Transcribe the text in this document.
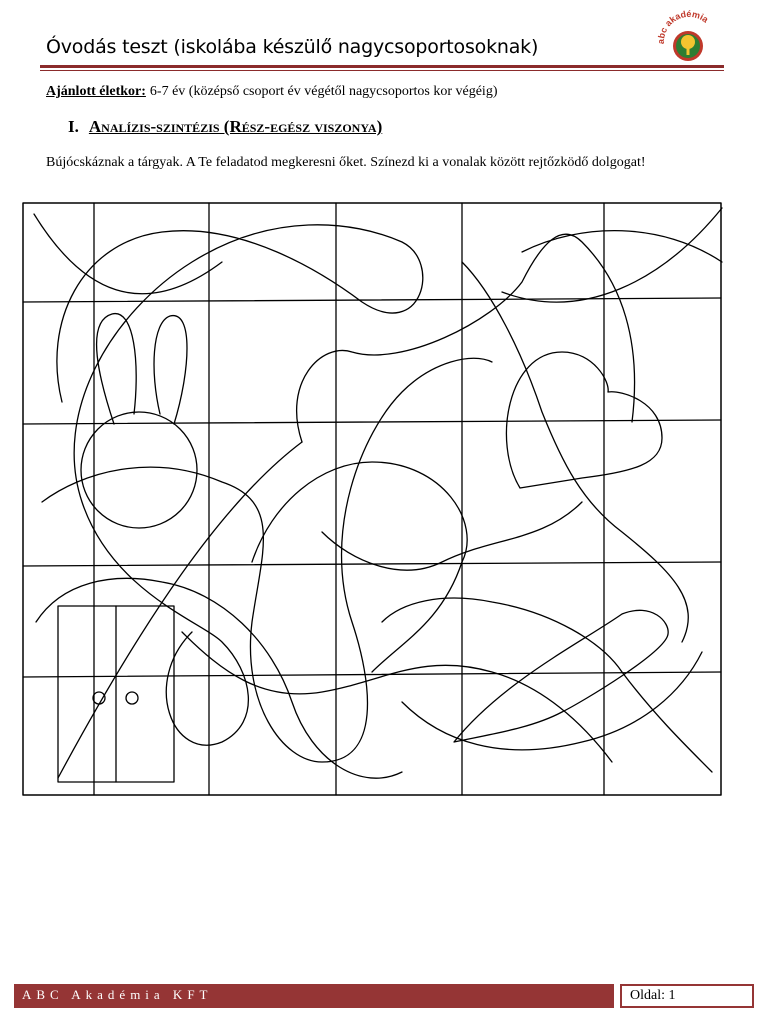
Óvodás teszt (iskolába készülő nagycsoportosoknak)	abc akadémia
Ajánlott életkor: 6-7 év (középső csoport év végétől nagycsoportos kor végéig)
I. Analízis-szintézis (Rész-egész viszonya)
Bújócskáznak a tárgyak. A Te feladatod megkeresni őket. Színezd ki a vonalak között rejtőzködő dolgogat!
ABC Akadémia KFT	Oldal: 1
